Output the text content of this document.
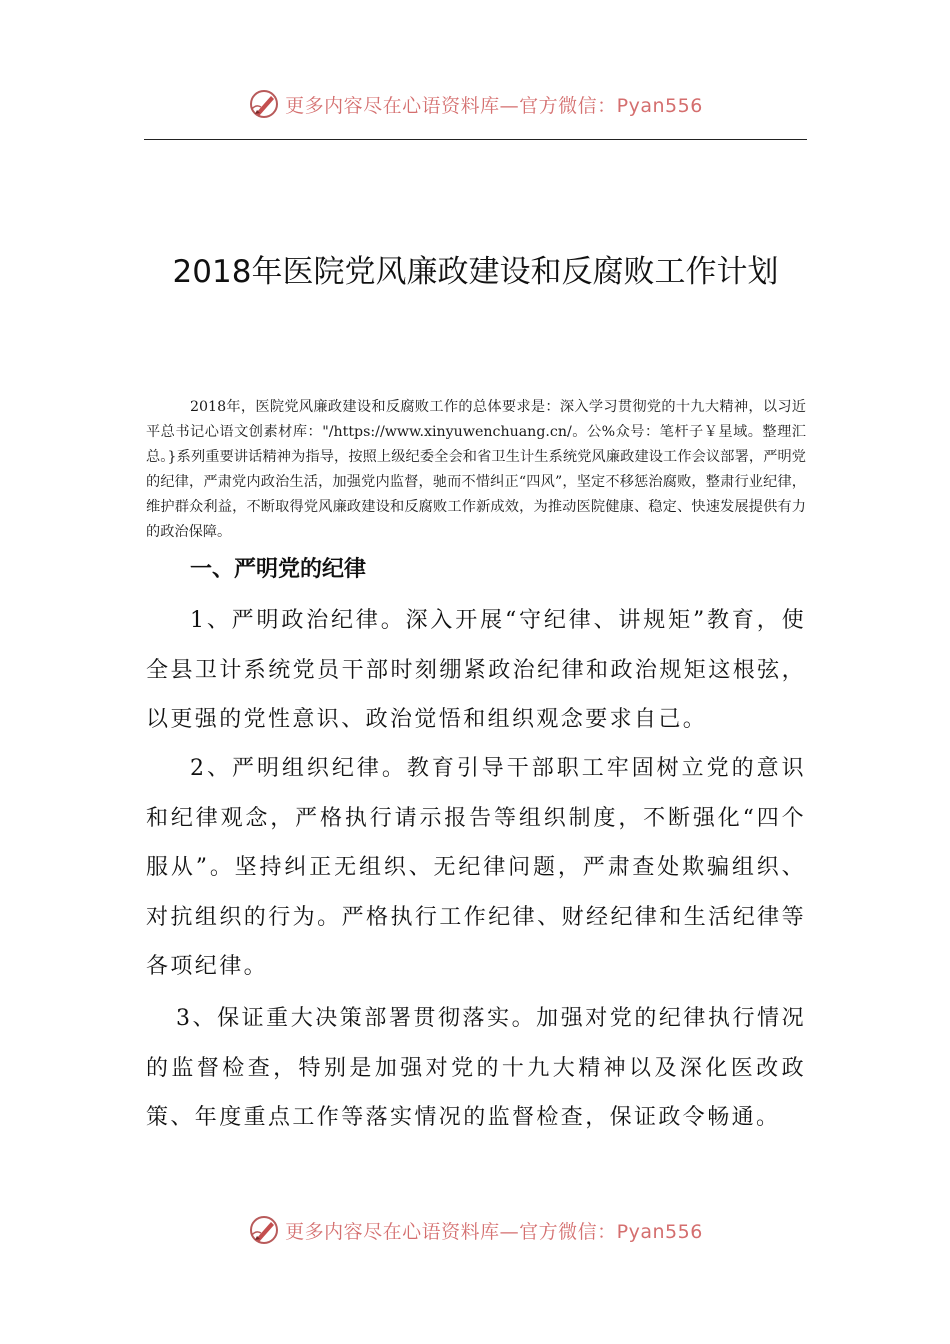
更多内容尽在心语资料库—官方微信：Pyan556
2018年医院党风廉政建设和反腐败工作计划

2018年，医院党风廉政建设和反腐败工作的总体要求是：深入学习贯彻党的十九大精神，以习近平总书记心语文创素材库："/https://www.xinyuwenchuang.cn/。公%众号：笔杆子￥星域。整理汇总。}系列重要讲话精神为指导，按照上级纪委全会和省卫生计生系统党风廉政建设工作会议部署，严明党的纪律，严肃党内政治生活，加强党内监督，驰而不惜纠正“四风”，坚定不移惩治腐败，整肃行业纪律，维护群众利益，不断取得党风廉政建设和反腐败工作新成效，为推动医院健康、稳定、快速发展提供有力的政治保障。

一、严明党的纪律

1、严明政治纪律。深入开展“守纪律、讲规矩”教育，使全县卫计系统党员干部时刻绷紧政治纪律和政治规矩这根弦，以更强的党性意识、政治觉悟和组织观念要求自己。

2、严明组织纪律。教育引导干部职工牢固树立党的意识和纪律观念，严格执行请示报告等组织制度，不断强化“四个服从”。坚持纠正无组织、无纪律问题，严肃查处欺骗组织、对抗组织的行为。严格执行工作纪律、财经纪律和生活纪律等各项纪律。

3、保证重大决策部署贯彻落实。加强对党的纪律执行情况的监督检查，特别是加强对党的十九大精神以及深化医改政策、年度重点工作等落实情况的监督检查，保证政令畅通。

更多内容尽在心语资料库—官方微信：Pyan556
